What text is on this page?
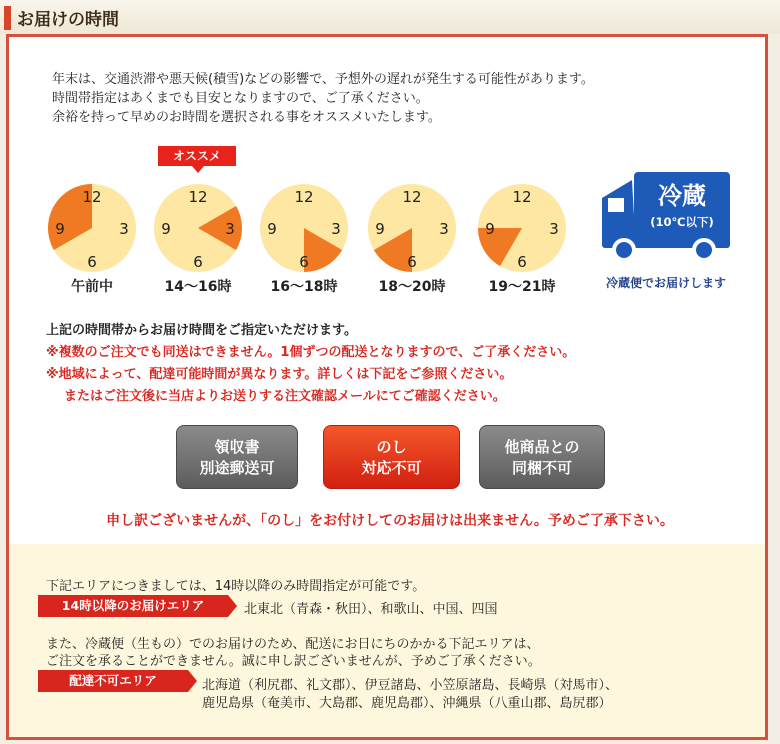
お届けの時間
年末は、交通渋滞や悪天候(積雪)などの影響で、予想外の遅れが発生する可能性があります。
時間帯指定はあくまでも目安となりますので、ご了承ください。
余裕を持って早めのお時間を選択される事をオススメいたします。
オススメ
12
3
6
9
午前中
12
3
6
9
14〜16時
12
3
6
9
16〜18時
12
3
6
9
18〜20時
12
3
6
9
19〜21時
冷蔵
(10℃以下)
冷蔵便でお届けします
上記の時間帯からお届け時間をご指定いただけます。
※複数のご注文でも同送はできません。1個ずつの配送となりますので、ご了承ください。
※地域によって、配達可能時間が異なります。詳しくは下記をご参照ください。
またはご注文後に当店よりお送りする注文確認メールにてご確認ください。
領収書
別途郵送可
のし
対応不可
他商品との
同梱不可
申し訳ございませんが、「のし」をお付けしてのお届けは出来ません。予めご了承下さい。
下記エリアにつきましては、14時以降のみ時間指定が可能です。
14時以降のお届けエリア	北東北（青森・秋田）、和歌山、中国、四国
また、冷蔵便（生もの）でのお届けのため、配送にお日にちのかかる下記エリアは、
ご注文を承ることができません。誠に申し訳ございませんが、予めご了承ください。
配達不可エリア	北海道（利尻郡、礼文郡）、伊豆諸島、小笠原諸島、長崎県（対馬市）、
鹿児島県（奄美市、大島郡、鹿児島郡）、沖縄県（八重山郡、島尻郡）
